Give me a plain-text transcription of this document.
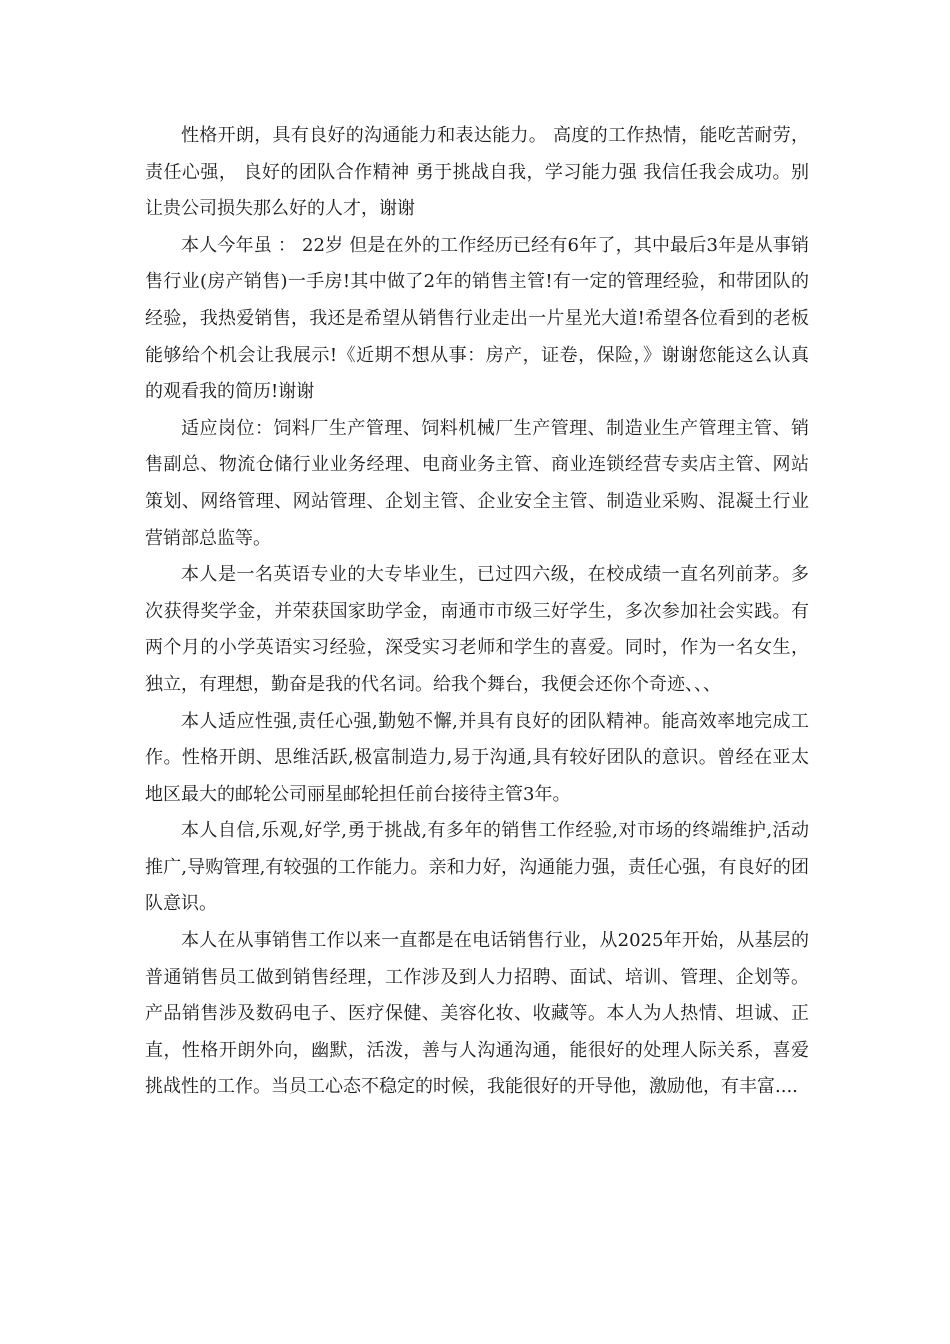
性格开朗，具有良好的沟通能力和表达能力。 高度的工作热情，能吃苦耐劳，责任心强， 良好的团队合作精神 勇于挑战自我，学习能力强 我信任我会成功。别让贵公司损失那么好的人才，谢谢

本人今年虽 ： 22岁 但是在外的工作经历已经有6年了，其中最后3年是从事销售行业(房产销售)一手房!其中做了2年的销售主管!有一定的管理经验，和带团队的经验，我热爱销售，我还是希望从销售行业走出一片星光大道!希望各位看到的老板能够给个机会让我展示!《近期不想从事：房产，证卷，保险，》谢谢您能这么认真的观看我的简历!谢谢

适应岗位：饲料厂生产管理、饲料机械厂生产管理、制造业生产管理主管、销售副总、物流仓储行业业务经理、电商业务主管、商业连锁经营专卖店主管、网站策划、网络管理、网站管理、企划主管、企业安全主管、制造业采购、混凝土行业营销部总监等。

本人是一名英语专业的大专毕业生，已过四六级，在校成绩一直名列前茅。多次获得奖学金，并荣获国家助学金，南通市市级三好学生，多次参加社会实践。有两个月的小学英语实习经验，深受实习老师和学生的喜爱。同时，作为一名女生，独立，有理想，勤奋是我的代名词。给我个舞台，我便会还你个奇迹、、、

本人适应性强,责任心强,勤勉不懈,并具有良好的团队精神。能高效率地完成工作。性格开朗、思维活跃,极富制造力,易于沟通,具有较好团队的意识。曾经在亚太地区最大的邮轮公司丽星邮轮担任前台接待主管3年。

本人自信,乐观,好学,勇于挑战,有多年的销售工作经验,对市场的终端维护,活动推广,导购管理,有较强的工作能力。亲和力好，沟通能力强，责任心强，有良好的团队意识。

本人在从事销售工作以来一直都是在电话销售行业，从2025年开始，从基层的普通销售员工做到销售经理，工作涉及到人力招聘、面试、培训、管理、企划等。产品销售涉及数码电子、医疗保健、美容化妆、收藏等。本人为人热情、坦诚、正直，性格开朗外向，幽默，活泼，善与人沟通沟通，能很好的处理人际关系，喜爱挑战性的工作。当员工心态不稳定的时候，我能很好的开导他，激励他，有丰富....
